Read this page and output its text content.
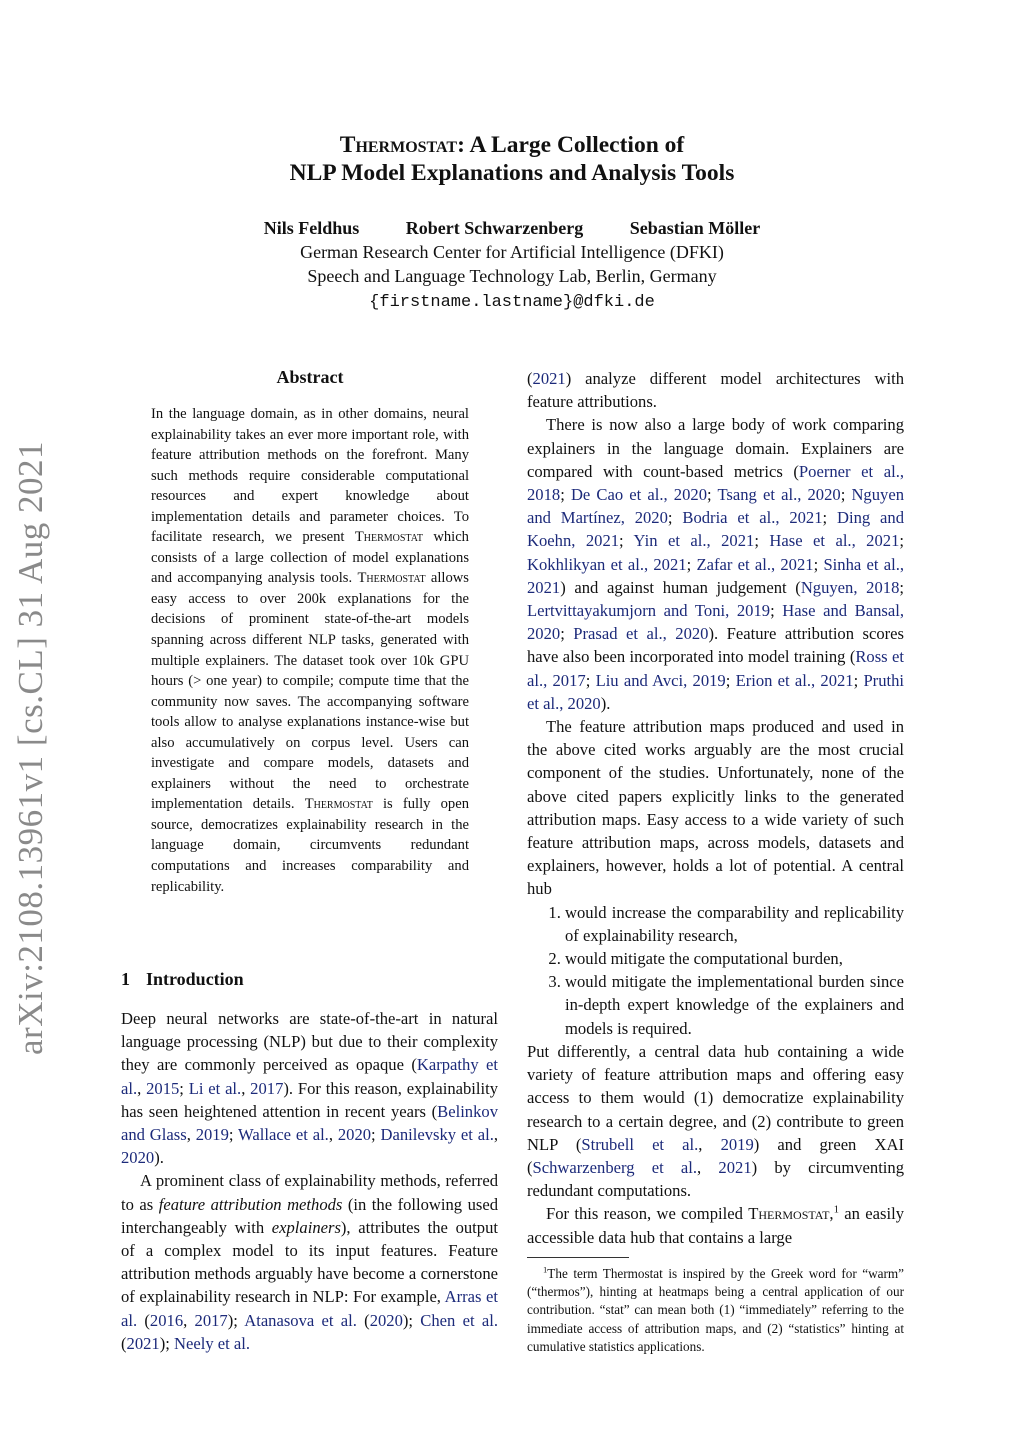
arXiv:2108.13961v1 [cs.CL] 31 Aug 2021
Thermostat: A Large Collection of
NLP Model Explanations and Analysis Tools
Nils Feldhus	Robert Schwarzenberg	Sebastian Möller
German Research Center for Artificial Intelligence (DFKI)
Speech and Language Technology Lab, Berlin, Germany
{firstname.lastname}@dfki.de
Abstract
In the language domain, as in other domains, neural explainability takes an ever more important role, with feature attribution methods on the forefront. Many such methods require considerable computational resources and expert knowledge about implementation details and parameter choices. To facilitate research, we present Thermostat which consists of a large collection of model explanations and accompanying analysis tools. Thermostat allows easy access to over 200k explanations for the decisions of prominent state-of-the-art models spanning across different NLP tasks, generated with multiple explainers. The dataset took over 10k GPU hours (> one year) to compile; compute time that the community now saves. The accompanying software tools allow to analyse explanations instance-wise but also accumulatively on corpus level. Users can investigate and compare models, datasets and explainers without the need to orchestrate implementation details. Thermostat is fully open source, democratizes explainability research in the language domain, circumvents redundant computations and increases comparability and replicability.
1 Introduction

Deep neural networks are state-of-the-art in natural language processing (NLP) but due to their complexity they are commonly perceived as opaque (Karpathy et al., 2015; Li et al., 2017). For this reason, explainability has seen heightened attention in recent years (Belinkov and Glass, 2019; Wallace et al., 2020; Danilevsky et al., 2020).

A prominent class of explainability methods, referred to as feature attribution methods (in the following used interchangeably with explainers), attributes the output of a complex model to its input features. Feature attribution methods arguably have become a cornerstone of explainability research in NLP: For example, Arras et al. (2016, 2017); Atanasova et al. (2020); Chen et al. (2021); Neely et al.

(2021) analyze different model architectures with feature attributions.

There is now also a large body of work comparing explainers in the language domain. Explainers are compared with count-based metrics (Poerner et al., 2018; De Cao et al., 2020; Tsang et al., 2020; Nguyen and Martínez, 2020; Bodria et al., 2021; Ding and Koehn, 2021; Yin et al., 2021; Hase et al., 2021; Kokhlikyan et al., 2021; Zafar et al., 2021; Sinha et al., 2021) and against human judgement (Nguyen, 2018; Lertvittayakumjorn and Toni, 2019; Hase and Bansal, 2020; Prasad et al., 2020). Feature attribution scores have also been incorporated into model training (Ross et al., 2017; Liu and Avci, 2019; Erion et al., 2021; Pruthi et al., 2020).

The feature attribution maps produced and used in the above cited works arguably are the most crucial component of the studies. Unfortunately, none of the above cited papers explicitly links to the generated attribution maps. Easy access to a wide variety of such feature attribution maps, across models, datasets and explainers, however, holds a lot of potential. A central hub

1. would increase the comparability and replicability of explainability research,
2. would mitigate the computational burden,
3. would mitigate the implementational burden since in-depth expert knowledge of the explainers and models is required.

Put differently, a central data hub containing a wide variety of feature attribution maps and offering easy access to them would (1) democratize explainability research to a certain degree, and (2) contribute to green NLP (Strubell et al., 2019) and green XAI (Schwarzenberg et al., 2021) by circumventing redundant computations.

For this reason, we compiled Thermostat,$^1$ an easily accessible data hub that contains a large

$^1$The term Thermostat is inspired by the Greek word for “warm” (“thermos”), hinting at heatmaps being a central application of our contribution. “stat” can mean both (1) “immediately” referring to the immediate access of attribution maps, and (2) “statistics” hinting at cumulative statistics applications.
